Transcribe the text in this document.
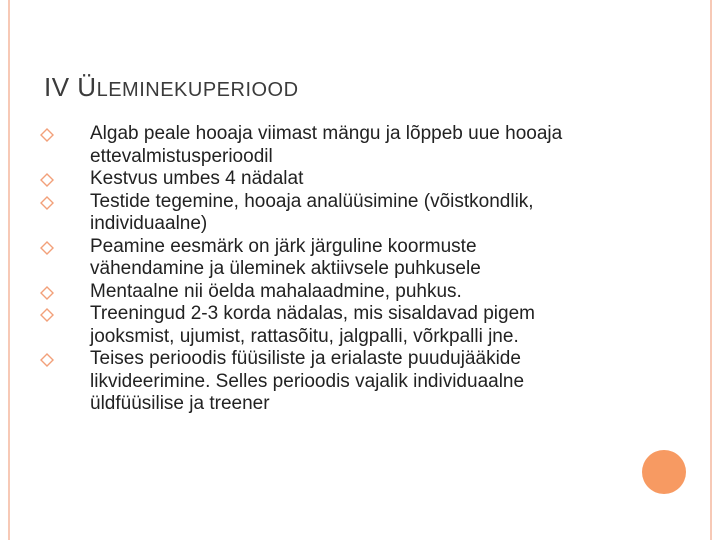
IV ÜLEMINEKUPERIOOD
Algab peale hooaja viimast mängu ja lõppeb uue hooaja
ettevalmistusperioodil
Kestvus umbes 4 nädalat
Testide tegemine, hooaja analüüsimine (võistkondlik,
individuaalne)
Peamine eesmärk on järk järguline koormuste
vähendamine ja üleminek aktiivsele puhkusele
Mentaalne nii öelda mahalaadmine, puhkus.
Treeningud 2-3 korda nädalas, mis sisaldavad pigem
jooksmist, ujumist, rattasõitu, jalgpalli, võrkpalli jne.
Teises perioodis füüsiliste ja erialaste puudujääkide
likvideerimine. Selles perioodis vajalik individuaalne
üldfüüsilise ja treener
